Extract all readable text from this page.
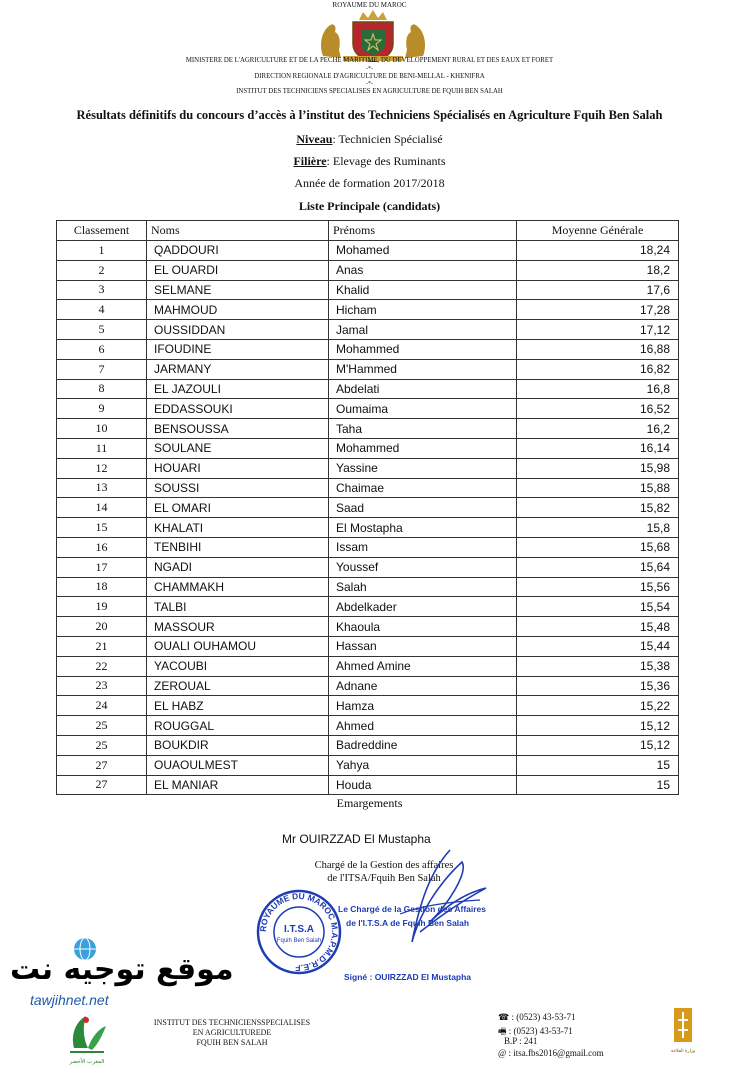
ROYAUME DU MAROC
MINISTERE DE L'AGRICULTURE ET DE LA PECHE MARITIME, DU DEVELOPPEMENT RURAL ET DES EAUX ET FORET
-*-
DIRECTION REGIONALE D'AGRICULTURE DE BENI-MELLAL - KHENIFRA
-*-
INSTITUT DES TECHNICIENS SPECIALISES EN AGRICULTURE DE FQUIH BEN SALAH
Résultats définitifs du concours d’accès à l’institut des Techniciens Spécialisés en Agriculture Fquih Ben Salah
Niveau: Technicien Spécialisé
Filière: Elevage des Ruminants
Année de formation 2017/2018
Liste Principale (candidats)
Classement	Noms	Prénoms	Moyenne Générale
1	QADDOURI	Mohamed	18,24
2	EL OUARDI	Anas	18,2
3	SELMANE	Khalid	17,6
4	MAHMOUD	Hicham	17,28
5	OUSSIDDAN	Jamal	17,12
6	IFOUDINE	Mohammed	16,88
7	JARMANY	M'Hammed	16,82
8	EL JAZOULI	Abdelati	16,8
9	EDDASSOUKI	Oumaima	16,52
10	BENSOUSSA	Taha	16,2
11	SOULANE	Mohammed	16,14
12	HOUARI	Yassine	15,98
13	SOUSSI	Chaimae	15,88
14	EL OMARI	Saad	15,82
15	KHALATI	El Mostapha	15,8
16	TENBIHI	Issam	15,68
17	NGADI	Youssef	15,64
18	CHAMMAKH	Salah	15,56
19	TALBI	Abdelkader	15,54
20	MASSOUR	Khaoula	15,48
21	OUALI OUHAMOU	Hassan	15,44
22	YACOUBI	Ahmed Amine	15,38
23	ZEROUAL	Adnane	15,36
24	EL HABZ	Hamza	15,22
25	ROUGGAL	Ahmed	15,12
25	BOUKDIR	Badreddine	15,12
27	OUAOULMEST	Yahya	15
27	EL MANIAR	Houda	15
Emargements
Mr OUIRZZAD El Mustapha
Chargé de la Gestion des affaires
de l'ITSA/Fquih Ben Salah
ROYAUME DU MAROC M.A.P.M.D.R.E.F
I.T.S.A
Fquih Ben Salah
Le Chargé de la Gestion des Affaires
de l'I.T.S.A de Fquih Ben Salah
Signé : OUIRZZAD El Mustapha
موقع توجيه نت
tawjihnet.net
المغرب الأخضر
INSTITUT DES TECHNICIENSSPECIALISES
EN AGRICULTUREDE
FQUIH BEN SALAH
☎ : (0523) 43-53-71
🖷 : (0523) 43-53-71
B.P : 241
@ : itsa.fbs2016@gmail.com	وزارة الفلاحة
